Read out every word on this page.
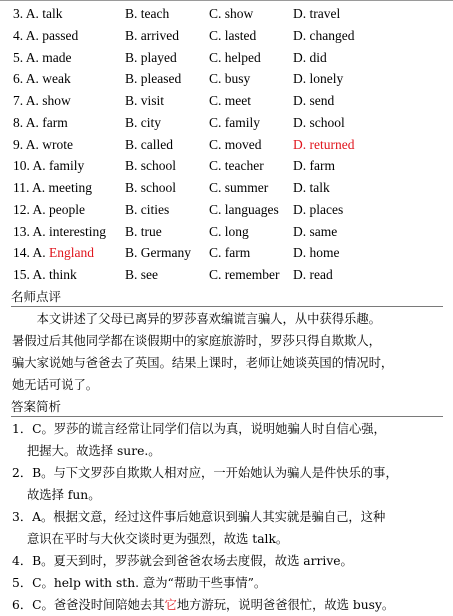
3. A. talk	B. teach	C. show	D. travel
4. A. passed	B. arrived C. lasted	D. changed
5. A. made	B. played C. helped D. did
6. A. weak	B. pleased C. busy	D. lonely
7. A. show	B. visit	C. meet	D. send
8. A. farm	B. city	C. family D. school
9. A. wrote	B. called	C. moved D. returned
10. A. family	B. school C. teacher D. farm
11. A. meeting B. school C. summer D. talk
12. A. people	B. cities	C. languages D. places
13. A. interesting B. true	C. long	D. same
14. A. England B. Germany C. farm	D. home
15. A. think	B. see	C. remember D. read
名师点评
　　本文讲述了父母已离异的罗莎喜欢编谎言骗人，从中获得乐趣。
暑假过后其他同学都在谈假期中的家庭旅游时，罗莎只得自欺欺人，
骗大家说她与爸爸去了英国。结果上课时，老师让她谈英国的情况时，
她无话可说了。
答案简析
1．C。罗莎的谎言经常让同学们信以为真，说明她骗人时自信心强，
把握大。故选择 sure.。
2．B。与下文罗莎自欺欺人相对应，一开始她认为骗人是件快乐的事，
故选择 fun。
3．A。根据文意，经过这件事后她意识到骗人其实就是骗自己，这种
意识在平时与大伙交谈时更为强烈，故选 talk。
4．B。夏天到时，罗莎就会到爸爸农场去度假，故选 arrive。
5．C。help with sth. 意为“帮助干些事情”。
6．C。爸爸没时间陪她去其它地方游玩，说明爸爸很忙，故选 busy。
